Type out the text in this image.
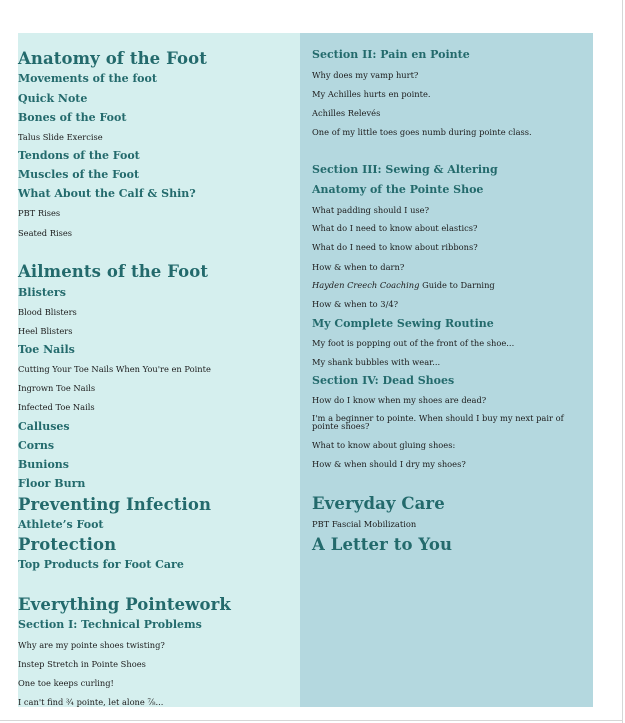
Anatomy of the Foot
Movements of the foot
Quick Note
Bones of the Foot
Talus Slide Exercise
Tendons of the Foot
Muscles of the Foot
What About the Calf & Shin?
PBT Rises
Seated Rises
Ailments of the Foot
Blisters
Blood Blisters
Heel Blisters
Toe Nails
Cutting Your Toe Nails When You're en Pointe
Ingrown Toe Nails
Infected Toe Nails
Calluses
Corns
Bunions
Floor Burn
Preventing Infection
Athlete’s Foot
Protection
Top Products for Foot Care
Everything Pointework
Section I: Technical Problems
Why are my pointe shoes twisting?
Instep Stretch in Pointe Shoes
One toe keeps curling!
I can't find ¾ pointe, let alone ⅞...
Section II: Pain en Pointe
Why does my vamp hurt?
My Achilles hurts en pointe.
Achilles Relevés
One of my little toes goes numb during pointe class.
Section III: Sewing & Altering
Anatomy of the Pointe Shoe
What padding should I use?
What do I need to know about elastics?
What do I need to know about ribbons?
How & when to darn?
Hayden Creech Coaching Guide to Darning
How & when to 3/4?
My Complete Sewing Routine
My foot is popping out of the front of the shoe...
My shank bubbles with wear...
Section IV: Dead Shoes
How do I know when my shoes are dead?
I'm a beginner to pointe. When should I buy my next pair of pointe shoes?
What to know about gluing shoes:
How & when should I dry my shoes?
Everyday Care
PBT Fascial Mobilization
A Letter to You
